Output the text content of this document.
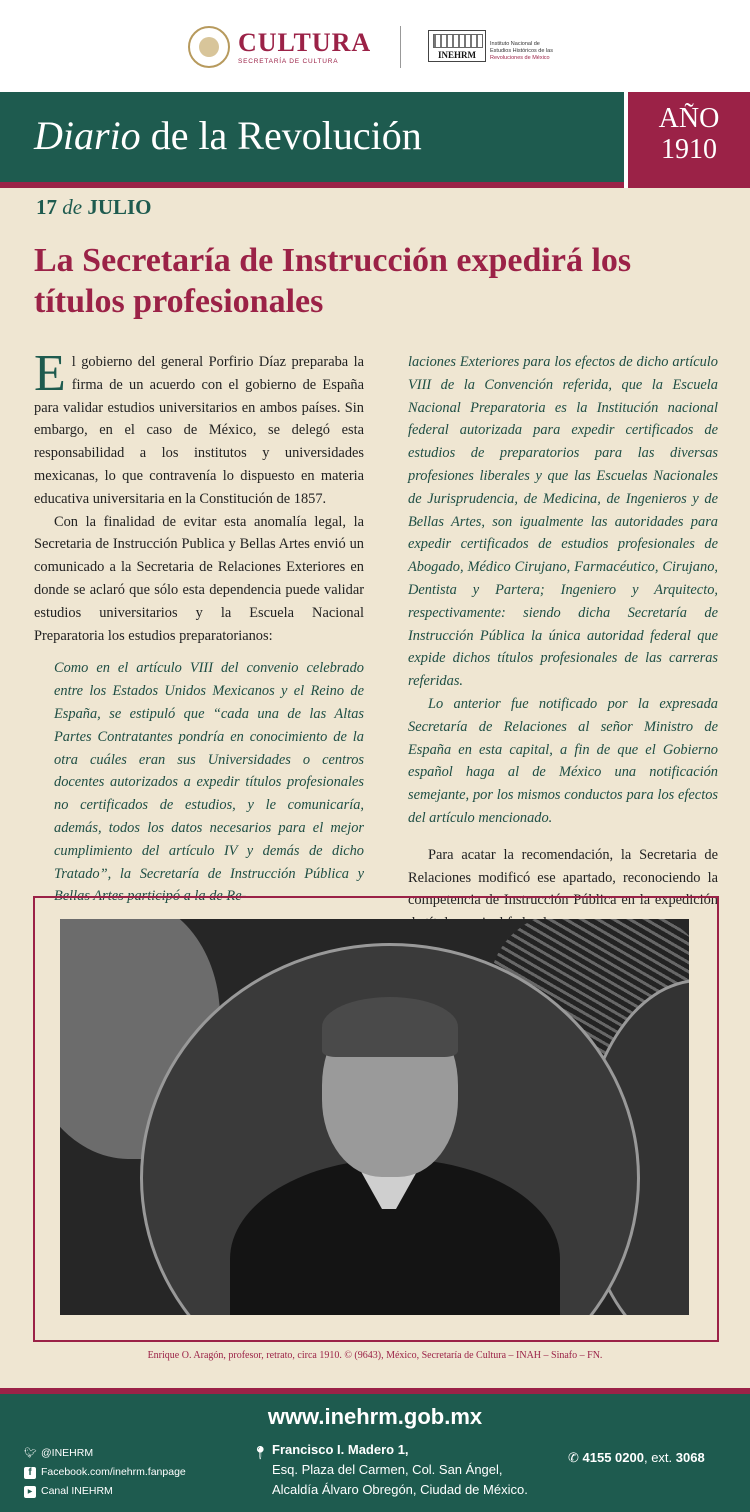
CULTURA
SECRETARÍA DE CULTURA
INEHRM
Instituto Nacional de
Estudios Históricos de las
Revoluciones de México
Diario de la Revolución	AÑO
1910
17 de JULIO
La Secretaría de Instrucción expedirá los títulos profesionales

El gobierno del general Porfirio Díaz preparaba la firma de un acuerdo con el gobierno de España para validar estudios universitarios en ambos países. Sin embargo, en el caso de México, se delegó esta responsabilidad a los institutos y universidades mexicanas, lo que contravenía lo dispuesto en materia educativa universitaria en la Constitución de 1857.

Con la finalidad de evitar esta anomalía legal, la Secretaria de Instrucción Publica y Bellas Artes envió un comunicado a la Secretaria de Relaciones Exteriores en donde se aclaró que sólo esta dependencia puede validar estudios universitarios y la Escuela Nacional Preparatoria los estudios preparatorianos:

Como en el artículo VIII del convenio celebrado entre los Estados Unidos Mexicanos y el Reino de España, se estipuló que “cada una de las Altas Partes Contratantes pondría en conocimiento de la otra cuáles eran sus Universidades o centros docentes autorizados a expedir títulos profesionales no certificados de estudios, y le comunicaría, además, todos los datos necesarios para el mejor cumplimiento del artículo IV y demás de dicho Tratado”, la Secretaría de Instrucción Pública y Bellas Artes participó a la de Re-

laciones Exteriores para los efectos de dicho artículo VIII de la Convención referida, que la Escuela Nacional Preparatoria es la Institución nacional federal autorizada para expedir certificados de estudios de preparatorios para las diversas profesiones liberales y que las Escuelas Nacionales de Jurisprudencia, de Medicina, de Ingenieros y de Bellas Artes, son igualmente las autoridades para expedir certificados de estudios profesionales de Abogado, Médico Cirujano, Farmacéutico, Cirujano, Dentista y Partera; Ingeniero y Arquitecto, respectivamente: siendo dicha Secretaría de Instrucción Pública la única autoridad federal que expide dichos títulos profesionales de las carreras referidas.

Lo anterior fue notificado por la expresada Secretaría de Relaciones al señor Ministro de España en esta capital, a fin de que el Gobierno español haga al de México una notificación semejante, por los mismos conductos para los efectos del artículo mencionado.

Para acatar la recomendación, la Secretaria de Relaciones modificó ese apartado, reconociendo la competencia de Instrucción Pública en la expedición

Enrique O. Aragón, profesor, retrato, circa 1910. © (9643), México, Secretaría de Cultura – INAH – Sinafo – FN.
www.inehrm.gob.mx
🐦︎ @INEHRM
f Facebook.com/inehrm.fanpage
▶ Canal INEHRM
📍︎ Francisco I. Madero 1,
Esq. Plaza del Carmen, Col. San Ángel,
Alcaldía Álvaro Obregón, Ciudad de México.
✆ 4155 0200, ext. 3068
